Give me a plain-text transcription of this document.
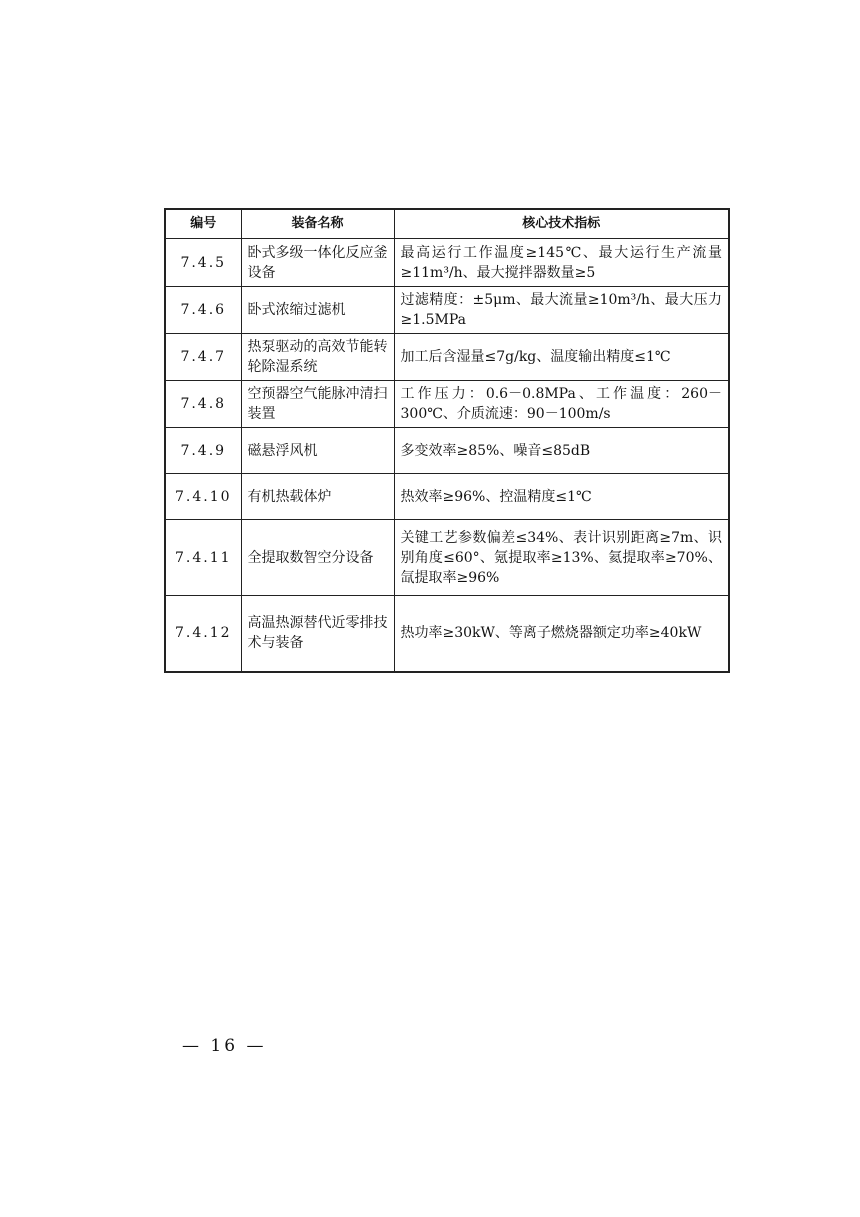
编号	装备名称	核心技术指标
7.4.5	卧式多级一体化反应釜设备	最高运行工作温度≥145℃、最大运行生产流量≥11m³/h、最大搅拌器数量≥5
7.4.6	卧式浓缩过滤机	过滤精度：±5μm、最大流量≥10m³/h、最大压力≥1.5MPa
7.4.7	热泵驱动的高效节能转轮除湿系统	加工后含湿量≤7g/kg、温度输出精度≤1℃
7.4.8	空预器空气能脉冲清扫装置	工作压力：0.6－0.8MPa、工作温度：260－300℃、介质流速：90－100m/s
7.4.9	磁悬浮风机	多变效率≥85%、噪音≤85dB
7.4.10	有机热载体炉	热效率≥96%、控温精度≤1℃
7.4.11	全提取数智空分设备	关键工艺参数偏差≤34%、表计识别距离≥7m、识别角度≤60°、氪提取率≥13%、氦提取率≥70%、氙提取率≥96%
7.4.12	高温热源替代近零排技术与装备	热功率≥30kW、等离子燃烧器额定功率≥40kW
— 16 —
